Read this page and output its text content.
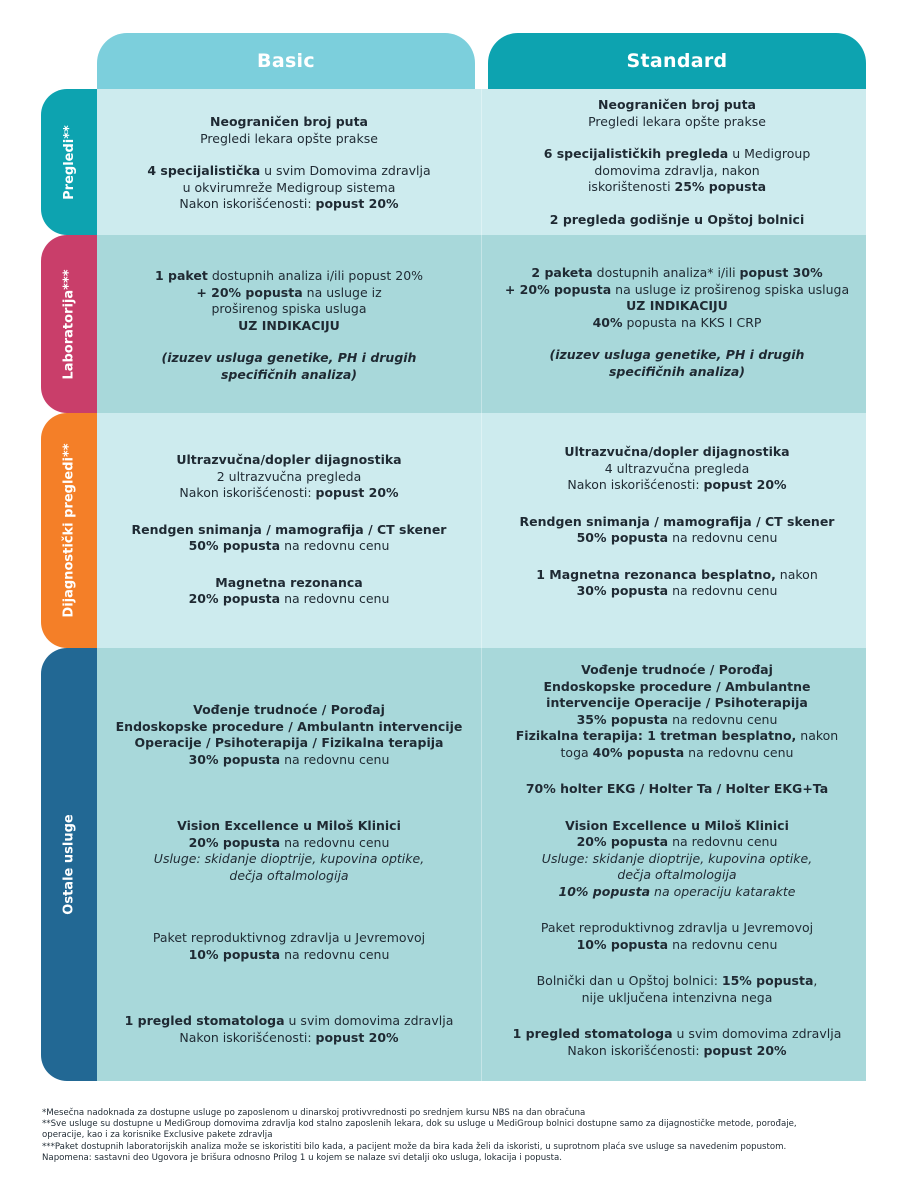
Basic	Standard
Pregledi**
Laboratorija***
Dijagnostički pregledi**
Ostale usluge
Neograničen broj puta
Pregledi lekara opšte prakse
4 specijalistička u svim Domovima zdravlja
u okvirumreže Medigroup sistema
Nakon iskorišćenosti: popust 20%
Neograničen broj puta
Pregledi lekara opšte prakse
6 specijalističkih pregleda u Medigroup
domovima zdravlja, nakon
iskorištenosti 25% popusta
2 pregleda godišnje u Opštoj bolnici
1 paket dostupnih analiza i/ili popust 20%
+ 20% popusta na usluge iz
proširenog spiska usluga
UZ INDIKACIJU
(izuzev usluga genetike, PH i drugih
specifičnih analiza)
2 paketa dostupnih analiza* i/ili popust 30%
+ 20% popusta na usluge iz proširenog spiska usluga
UZ INDIKACIJU
40% popusta na KKS I CRP
(izuzev usluga genetike, PH i drugih
specifičnih analiza)
Ultrazvučna/dopler dijagnostika
2 ultrazvučna pregleda
Nakon iskorišćenosti: popust 20%
Rendgen snimanja / mamografija / CT skener
50% popusta na redovnu cenu
Magnetna rezonanca
20% popusta na redovnu cenu
Ultrazvučna/dopler dijagnostika
4 ultrazvučna pregleda
Nakon iskorišćenosti: popust 20%
Rendgen snimanja / mamografija / CT skener
50% popusta na redovnu cenu
1 Magnetna rezonanca besplatno, nakon
30% popusta na redovnu cenu
Vođenje trudnoće / Porođaj
Endoskopske procedure / Ambulantn intervencije
Operacije / Psihoterapija / Fizikalna terapija
30% popusta na redovnu cenu
Vision Excellence u Miloš Klinici
20% popusta na redovnu cenu
Usluge: skidanje dioptrije, kupovina optike,
dečja oftalmologija
Paket reproduktivnog zdravlja u Jevremovoj
10% popusta na redovnu cenu
1 pregled stomatologa u svim domovima zdravlja
Nakon iskorišćenosti: popust 20%
Vođenje trudnoće / Porođaj
Endoskopske procedure / Ambulantne
intervencije Operacije / Psihoterapija
35% popusta na redovnu cenu
Fizikalna terapija: 1 tretman besplatno, nakon
toga 40% popusta na redovnu cenu
70% holter EKG / Holter Ta / Holter EKG+Ta
Vision Excellence u Miloš Klinici
20% popusta na redovnu cenu
Usluge: skidanje dioptrije, kupovina optike,
dečja oftalmologija
10% popusta na operaciju katarakte
Paket reproduktivnog zdravlja u Jevremovoj
10% popusta na redovnu cenu
Bolnički dan u Opštoj bolnici: 15% popusta,
nije uključena intenzivna nega
1 pregled stomatologa u svim domovima zdravlja
Nakon iskorišćenosti: popust 20%
*Mesečna nadoknada za dostupne usluge po zaposlenom u dinarskoj protivvrednosti po srednjem kursu NBS na dan obračuna
**Sve usluge su dostupne u MediGroup domovima zdravlja kod stalno zaposlenih lekara, dok su usluge u MediGroup bolnici dostupne samo za dijagnostičke metode, porođaje,
operacije, kao i za korisnike Exclusive pakete zdravlja
***Paket dostupnih laboratorijskih analiza može se iskoristiti bilo kada, a pacijent može da bira kada želi da iskoristi, u suprotnom plaća sve usluge sa navedenim popustom.
Napomena: sastavni deo Ugovora je brišura odnosno Prilog 1 u kojem se nalaze svi detalji oko usluga, lokacija i popusta.
